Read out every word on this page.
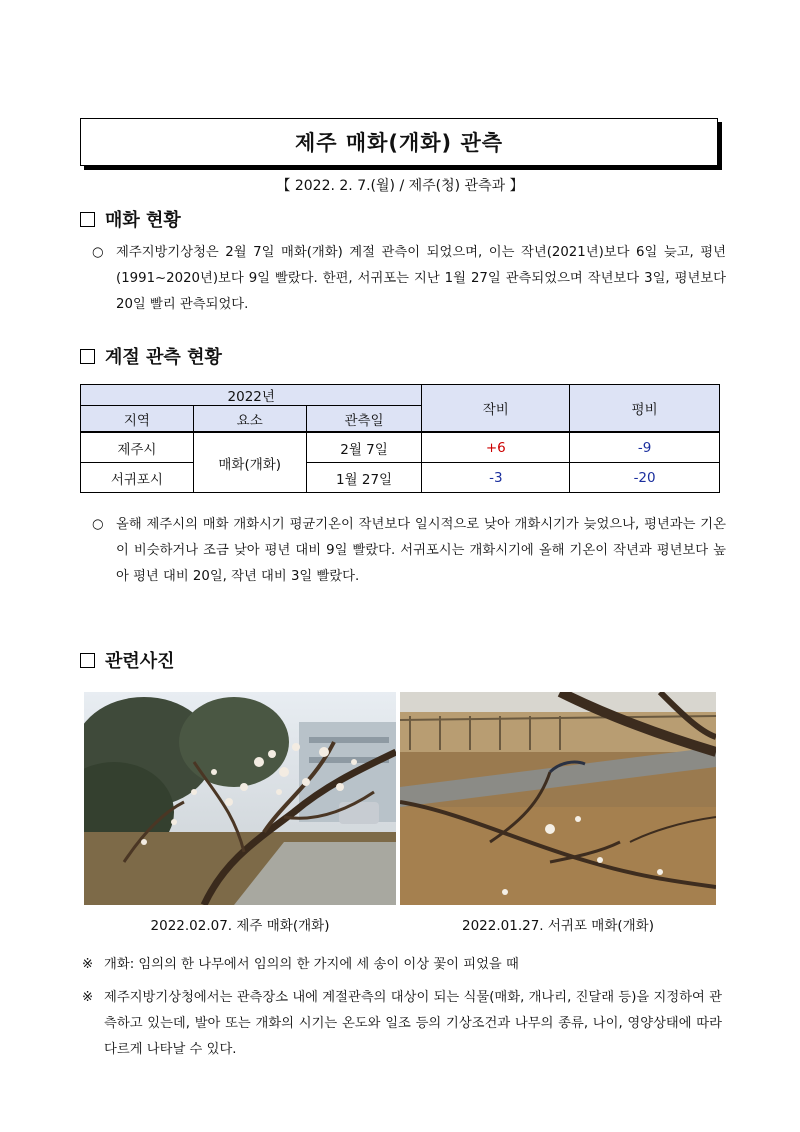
제주 매화(개화) 관측
【 2022. 2. 7.(월) / 제주(청) 관측과 】
매화 현황
○ 제주지방기상청은 2월 7일 매화(개화) 계절 관측이 되었으며, 이는 작년(2021년)보다 6일 늦고, 평년(1991~2020년)보다 9일 빨랐다. 한편, 서귀포는 지난 1월 27일 관측되었으며 작년보다 3일, 평년보다 20일 빨리 관측되었다.
계절 관측 현황
2022년			작비	평비
지역	요소	관측일		
제주시	매화(개화)	2월 7일	+6	-9
서귀포시		1월 27일	-3	-20
○ 올해 제주시의 매화 개화시기 평균기온이 작년보다 일시적으로 낮아 개화시기가 늦었으나, 평년과는 기온이 비슷하거나 조금 낮아 평년 대비 9일 빨랐다. 서귀포시는 개화시기에 올해 기온이 작년과 평년보다 높아 평년 대비 20일, 작년 대비 3일 빨랐다.
관련사진
2022.02.07. 제주 매화(개화)	2022.01.27. 서귀포 매화(개화)
※ 개화: 임의의 한 나무에서 임의의 한 가지에 세 송이 이상 꽃이 피었을 때
※ 제주지방기상청에서는 관측장소 내에 계절관측의 대상이 되는 식물(매화, 개나리, 진달래 등)을 지정하여 관측하고 있는데, 발아 또는 개화의 시기는 온도와 일조 등의 기상조건과 나무의 종류, 나이, 영양상태에 따라 다르게 나타날 수 있다.
